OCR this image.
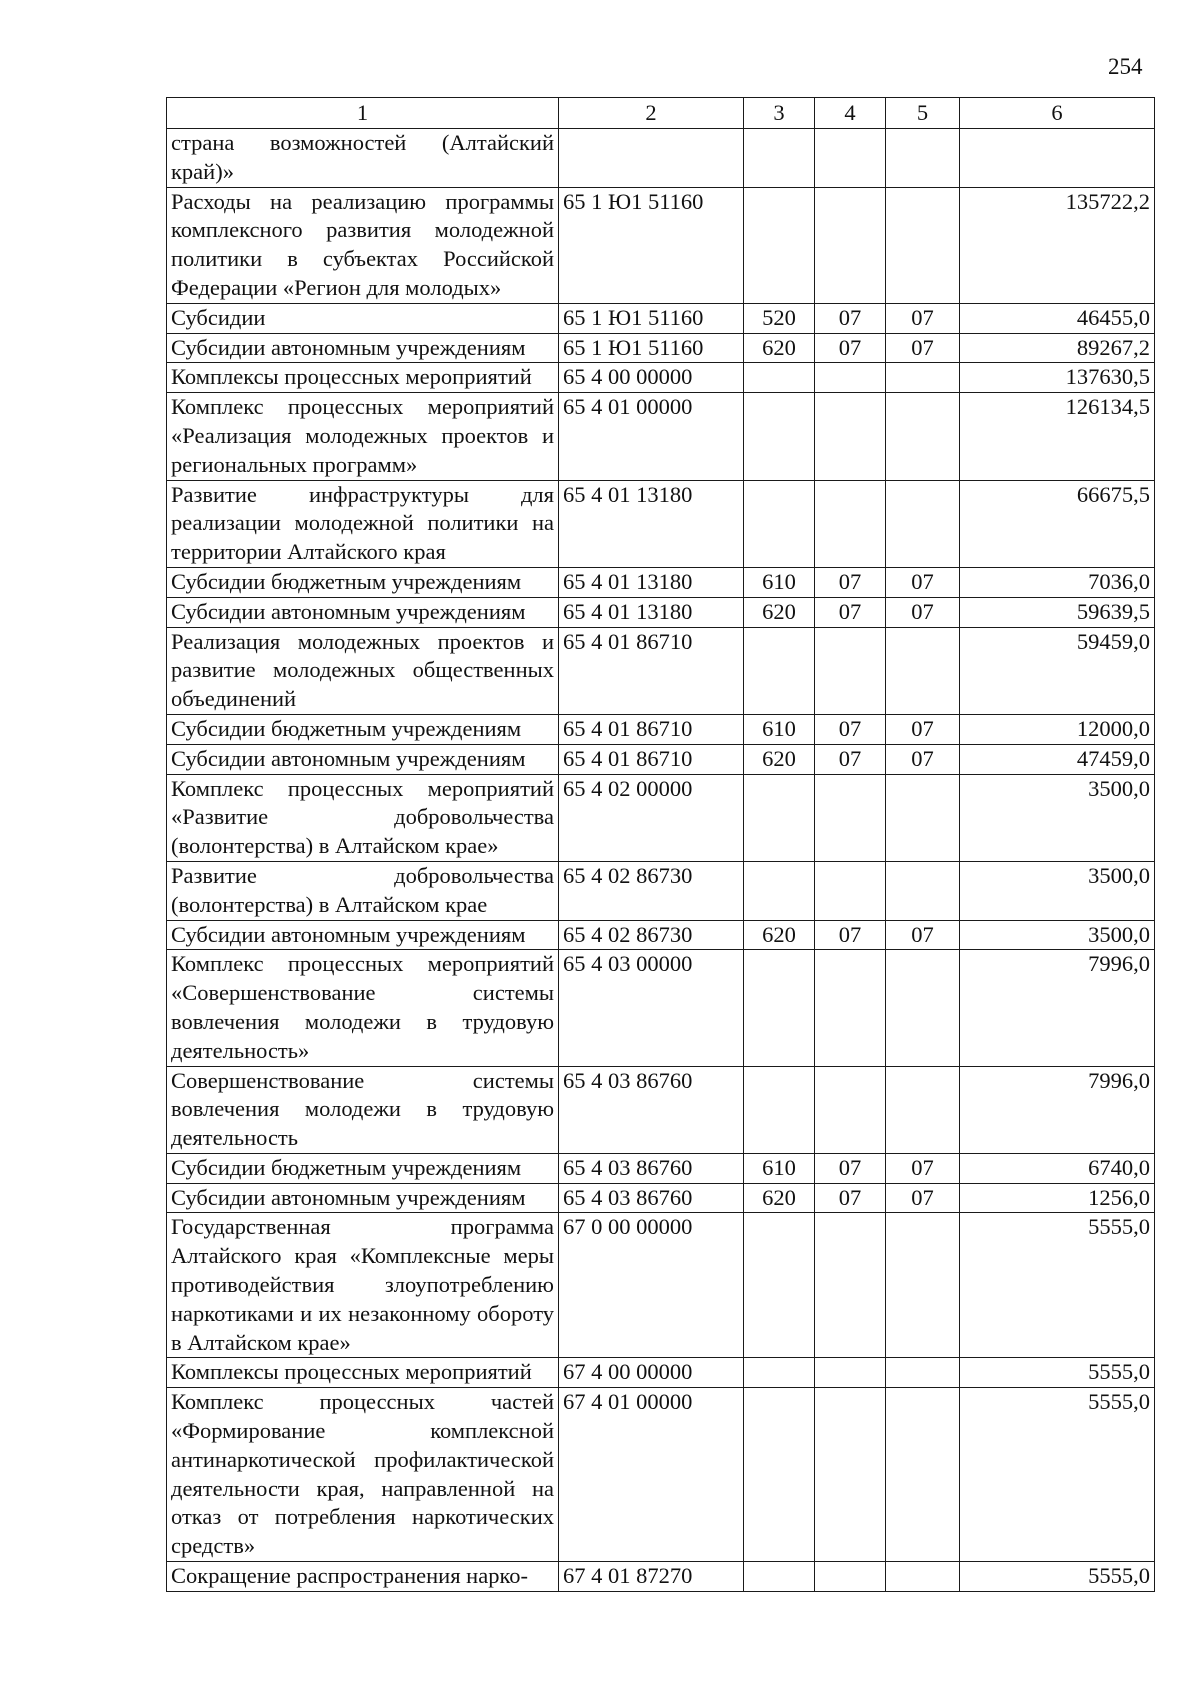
254
1	2	3	4	5	6
страна возможностей (Алтайский край)»					
Расходы на реализацию программы комплексного развития молодежной политики в субъектах Российской Федерации «Регион для молодых»	65 1 Ю1 51160				135722,2
Субсидии	65 1 Ю1 51160	520	07	07	46455,0
Субсидии автономным учреждениям	65 1 Ю1 51160	620	07	07	89267,2
Комплексы процессных мероприятий	65 4 00 00000				137630,5
Комплекс процессных мероприятий «Реализация молодежных проектов и региональных программ»	65 4 01 00000				126134,5
Развитие инфраструктуры для реализации молодежной политики на территории Алтайского края	65 4 01 13180				66675,5
Субсидии бюджетным учреждениям	65 4 01 13180	610	07	07	7036,0
Субсидии автономным учреждениям	65 4 01 13180	620	07	07	59639,5
Реализация молодежных проектов и развитие молодежных общественных объединений	65 4 01 86710				59459,0
Субсидии бюджетным учреждениям	65 4 01 86710	610	07	07	12000,0
Субсидии автономным учреждениям	65 4 01 86710	620	07	07	47459,0
Комплекс процессных мероприятий «Развитие добровольчества (волонтерства) в Алтайском крае»	65 4 02 00000				3500,0
Развитие добровольчества (волонтерства) в Алтайском крае	65 4 02 86730				3500,0
Субсидии автономным учреждениям	65 4 02 86730	620	07	07	3500,0
Комплекс процессных мероприятий «Совершенствование системы вовлечения молодежи в трудовую деятельность»	65 4 03 00000				7996,0
Совершенствование системы вовлечения молодежи в трудовую деятельность	65 4 03 86760				7996,0
Субсидии бюджетным учреждениям	65 4 03 86760	610	07	07	6740,0
Субсидии автономным учреждениям	65 4 03 86760	620	07	07	1256,0
Государственная программа Алтайского края «Комплексные меры противодействия злоупотреблению наркотиками и их незаконному обороту в Алтайском крае»	67 0 00 00000				5555,0
Комплексы процессных мероприятий	67 4 00 00000				5555,0
Комплекс процессных частей «Формирование комплексной антинаркотической профилактической деятельности края, направленной на отказ от потребления наркотических средств»	67 4 01 00000				5555,0
Сокращение распространения нарко-	67 4 01 87270				5555,0
